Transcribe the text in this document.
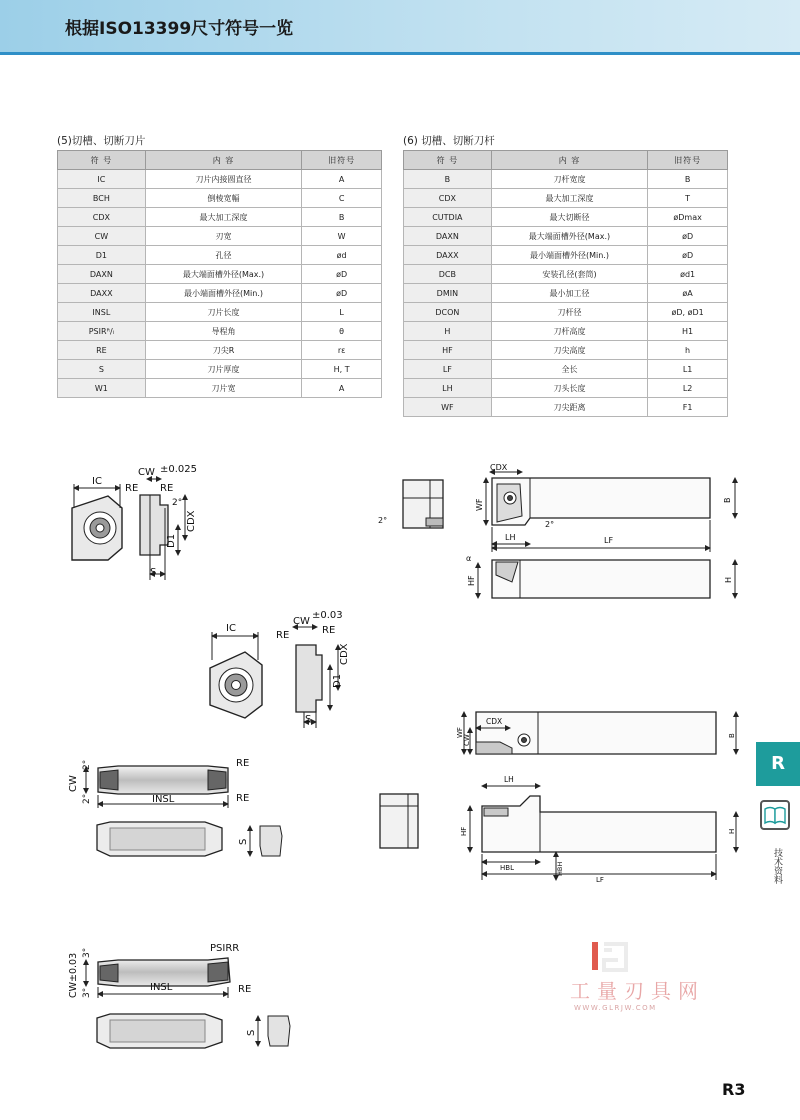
根据ISO13399尺寸符号一览
(5)切槽、切断刀片
符 号	内 容	旧符号
IC	刀片内接圆直径	A
BCH	倒棱宽幅	C
CDX	最大加工深度	B
CW	刃宽	W
D1	孔径	ød
DAXN	最大端面槽外径(Max.)	øD
DAXX	最小端面槽外径(Min.)	øD
INSL	刀片长度	L
PSIRᴿ/ₗ	导程角	θ
RE	刀尖R	rε
S	刀片厚度	H, T
W1	刀片宽	A
(6) 切槽、切断刀杆
符 号	内 容	旧符号
B	刀杆宽度	B
CDX	最大加工深度	T
CUTDIA	最大切断径	øDmax
DAXN	最大端面槽外径(Max.)	øD
DAXX	最小端面槽外径(Min.)	øD
DCB	安装孔径(套筒)	ød1
DMIN	最小加工径	øA
DCON	刀杆径	øD, øD1
H	刀杆高度	H1
HF	刀尖高度	h
LF	全长	L1
LH	刀头长度	L2
WF	刀尖距离	F1
IC
CW ±0.025
RE RE
2°
CDX
D1
S
IC
CW
±0.03
RE	RE
CDX
D1
S
CW
2°
2°	INSL
RE
RE
S
CW±0.03 3°
3°	INSL
PSIRR
RE
S
CDX
WF	B
LH	LF
2°	2°
α
HF	H
CDX
WF
CW	B
LH
HF	H
HBL	HBH
LF
R
技术资料
工量刃具网
WWW.GLRJW.COM
R3
